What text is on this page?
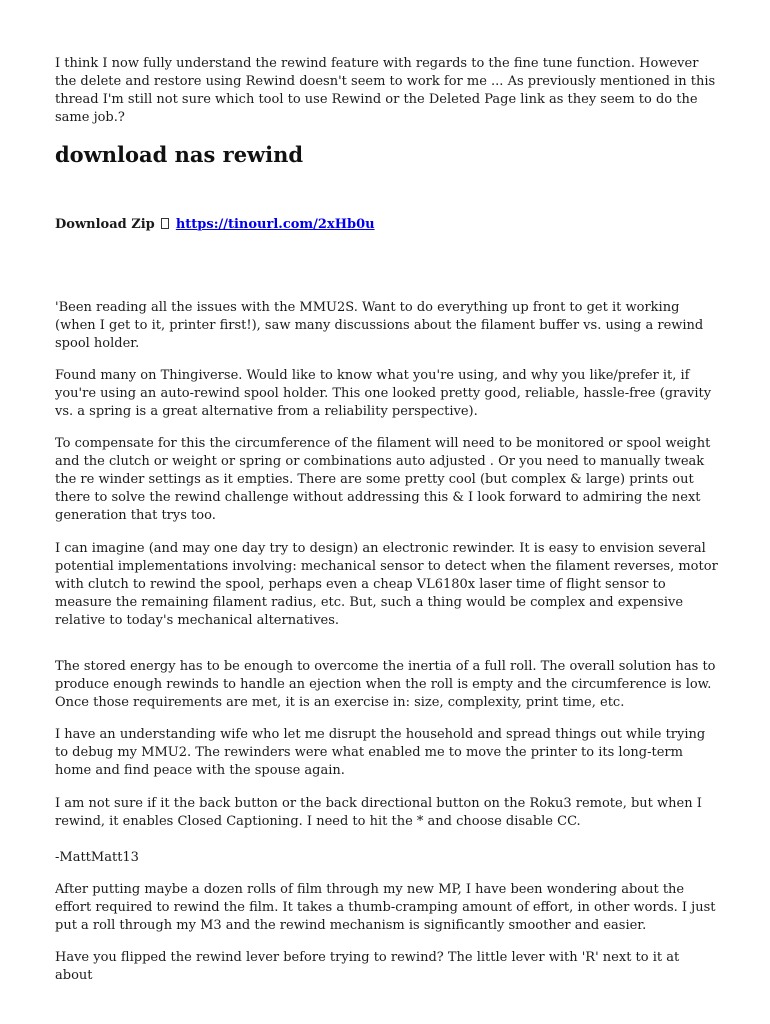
I think I now fully understand the rewind feature with regards to the fine tune function. However the delete and restore using Rewind doesn't seem to work for me ... As previously mentioned in this thread I'm still not sure which tool to use Rewind or the Deleted Page link as they seem to do the same job.?

download nas rewind
Download Zip https://tinourl.com/2xHb0u

'Been reading all the issues with the MMU2S. Want to do everything up front to get it working (when I get to it, printer first!), saw many discussions about the filament buffer vs. using a rewind spool holder.

Found many on Thingiverse. Would like to know what you're using, and why you like/prefer it, if you're using an auto-rewind spool holder. This one looked pretty good, reliable, hassle-free (gravity vs. a spring is a great alternative from a reliability perspective).

To compensate for this the circumference of the filament will need to be monitored or spool weight and the clutch or weight or spring or combinations auto adjusted . Or you need to manually tweak the re winder settings as it empties. There are some pretty cool (but complex & large) prints out there to solve the rewind challenge without addressing this & I look forward to admiring the next generation that trys too.

I can imagine (and may one day try to design) an electronic rewinder. It is easy to envision several potential implementations involving: mechanical sensor to detect when the filament reverses, motor with clutch to rewind the spool, perhaps even a cheap VL6180x laser time of flight sensor to measure the remaining filament radius, etc. But, such a thing would be complex and expensive relative to today's mechanical alternatives.

The stored energy has to be enough to overcome the inertia of a full roll. The overall solution has to produce enough rewinds to handle an ejection when the roll is empty and the circumference is low. Once those requirements are met, it is an exercise in: size, complexity, print time, etc.

I have an understanding wife who let me disrupt the household and spread things out while trying to debug my MMU2. The rewinders were what enabled me to move the printer to its long-term home and find peace with the spouse again.

I am not sure if it the back button or the back directional button on the Roku3 remote, but when I rewind, it enables Closed Captioning. I need to hit the * and choose disable CC.

-MattMatt13

After putting maybe a dozen rolls of film through my new MP, I have been wondering about the effort required to rewind the film. It takes a thumb-cramping amount of effort, in other words. I just put a roll through my M3 and the rewind mechanism is significantly smoother and easier.

Have you flipped the rewind lever before trying to rewind? The little lever with 'R' next to it at about
